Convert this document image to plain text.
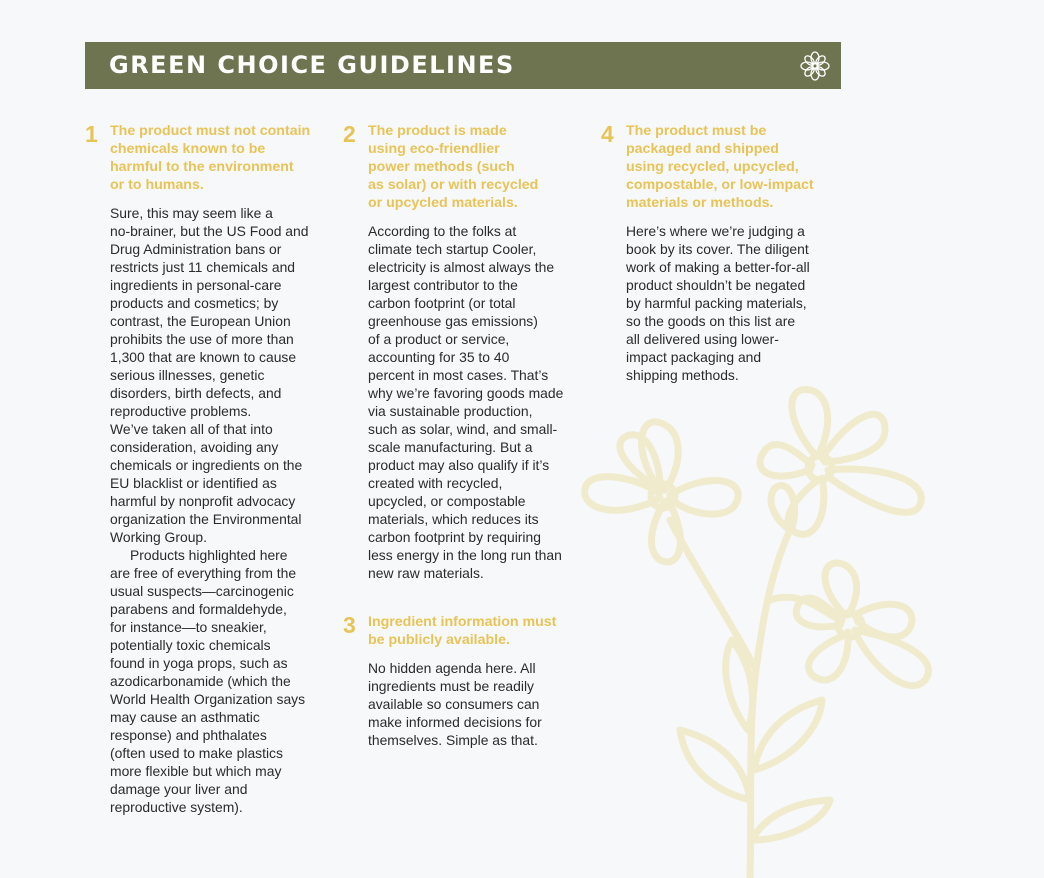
GREEN CHOICE GUIDELINES
1 The product must not contain
chemicals known to be
harmful to the environment
or to humans.
Sure, this may seem like a
no-brainer, but the US Food and
Drug Administration bans or
restricts just 11 chemicals and
ingredients in personal-care
products and cosmetics; by
contrast, the European Union
prohibits the use of more than
1,300 that are known to cause
serious illnesses, genetic
disorders, birth defects, and
reproductive problems.
We’ve taken all of that into
consideration, avoiding any
chemicals or ingredients on the
EU blacklist or identified as
harmful by nonprofit advocacy
organization the Environmental
Working Group.
Products highlighted here
are free of everything from the
usual suspects—carcinogenic
parabens and formaldehyde,
for instance—to sneakier,
potentially toxic chemicals
found in yoga props, such as
azodicarbonamide (which the
World Health Organization says
may cause an asthmatic
response) and phthalates
(often used to make plastics
more flexible but which may
damage your liver and
reproductive system).
2 The product is made
using eco-friendlier
power methods (such
as solar) or with recycled
or upcycled materials.
According to the folks at
climate tech startup Cooler,
electricity is almost always the
largest contributor to the
carbon footprint (or total
greenhouse gas emissions)
of a product or service,
accounting for 35 to 40
percent in most cases. That’s
why we’re favoring goods made
via sustainable production,
such as solar, wind, and small-
scale manufacturing. But a
product may also qualify if it’s
created with recycled,
upcycled, or compostable
materials, which reduces its
carbon footprint by requiring
less energy in the long run than
new raw materials.
3 Ingredient information must
be publicly available.
No hidden agenda here. All
ingredients must be readily
available so consumers can
make informed decisions for
themselves. Simple as that.
4 The product must be
packaged and shipped
using recycled, upcycled,
compostable, or low-impact
materials or methods.
Here’s where we’re judging a
book by its cover. The diligent
work of making a better-for-all
product shouldn’t be negated
by harmful packing materials,
so the goods on this list are
all delivered using lower-
impact packaging and
shipping methods.
